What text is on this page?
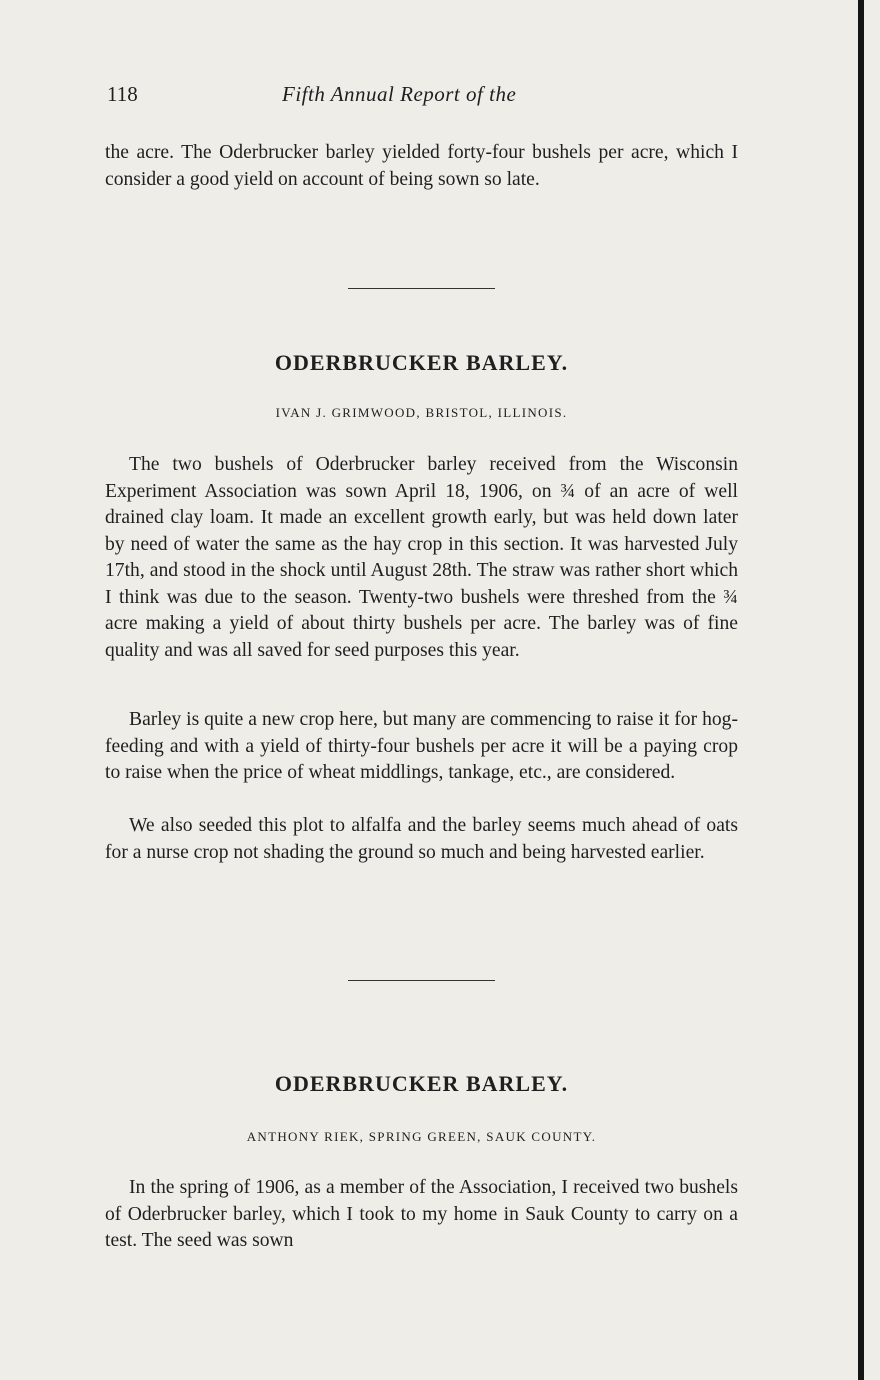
118	Fifth Annual Report of the

the acre. The Oderbrucker barley yielded forty-four bushels per acre, which I consider a good yield on account of being sown so late.

ODERBRUCKER BARLEY.

IVAN J. GRIMWOOD, BRISTOL, ILLINOIS.

The two bushels of Oderbrucker barley received from the Wisconsin Experiment Association was sown April 18, 1906, on ¾ of an acre of well drained clay loam. It made an excellent growth early, but was held down later by need of water the same as the hay crop in this section. It was harvested July 17th, and stood in the shock until August 28th. The straw was rather short which I think was due to the season. Twenty-two bushels were threshed from the ¾ acre making a yield of about thirty bushels per acre. The barley was of fine quality and was all saved for seed purposes this year.

Barley is quite a new crop here, but many are commencing to raise it for hog-feeding and with a yield of thirty-four bushels per acre it will be a paying crop to raise when the price of wheat middlings, tankage, etc., are considered.

We also seeded this plot to alfalfa and the barley seems much ahead of oats for a nurse crop not shading the ground so much and being harvested earlier.

ODERBRUCKER BARLEY.

ANTHONY RIEK, SPRING GREEN, SAUK COUNTY.

In the spring of 1906, as a member of the Association, I received two bushels of Oderbrucker barley, which I took to my home in Sauk County to carry on a test. The seed was sown
